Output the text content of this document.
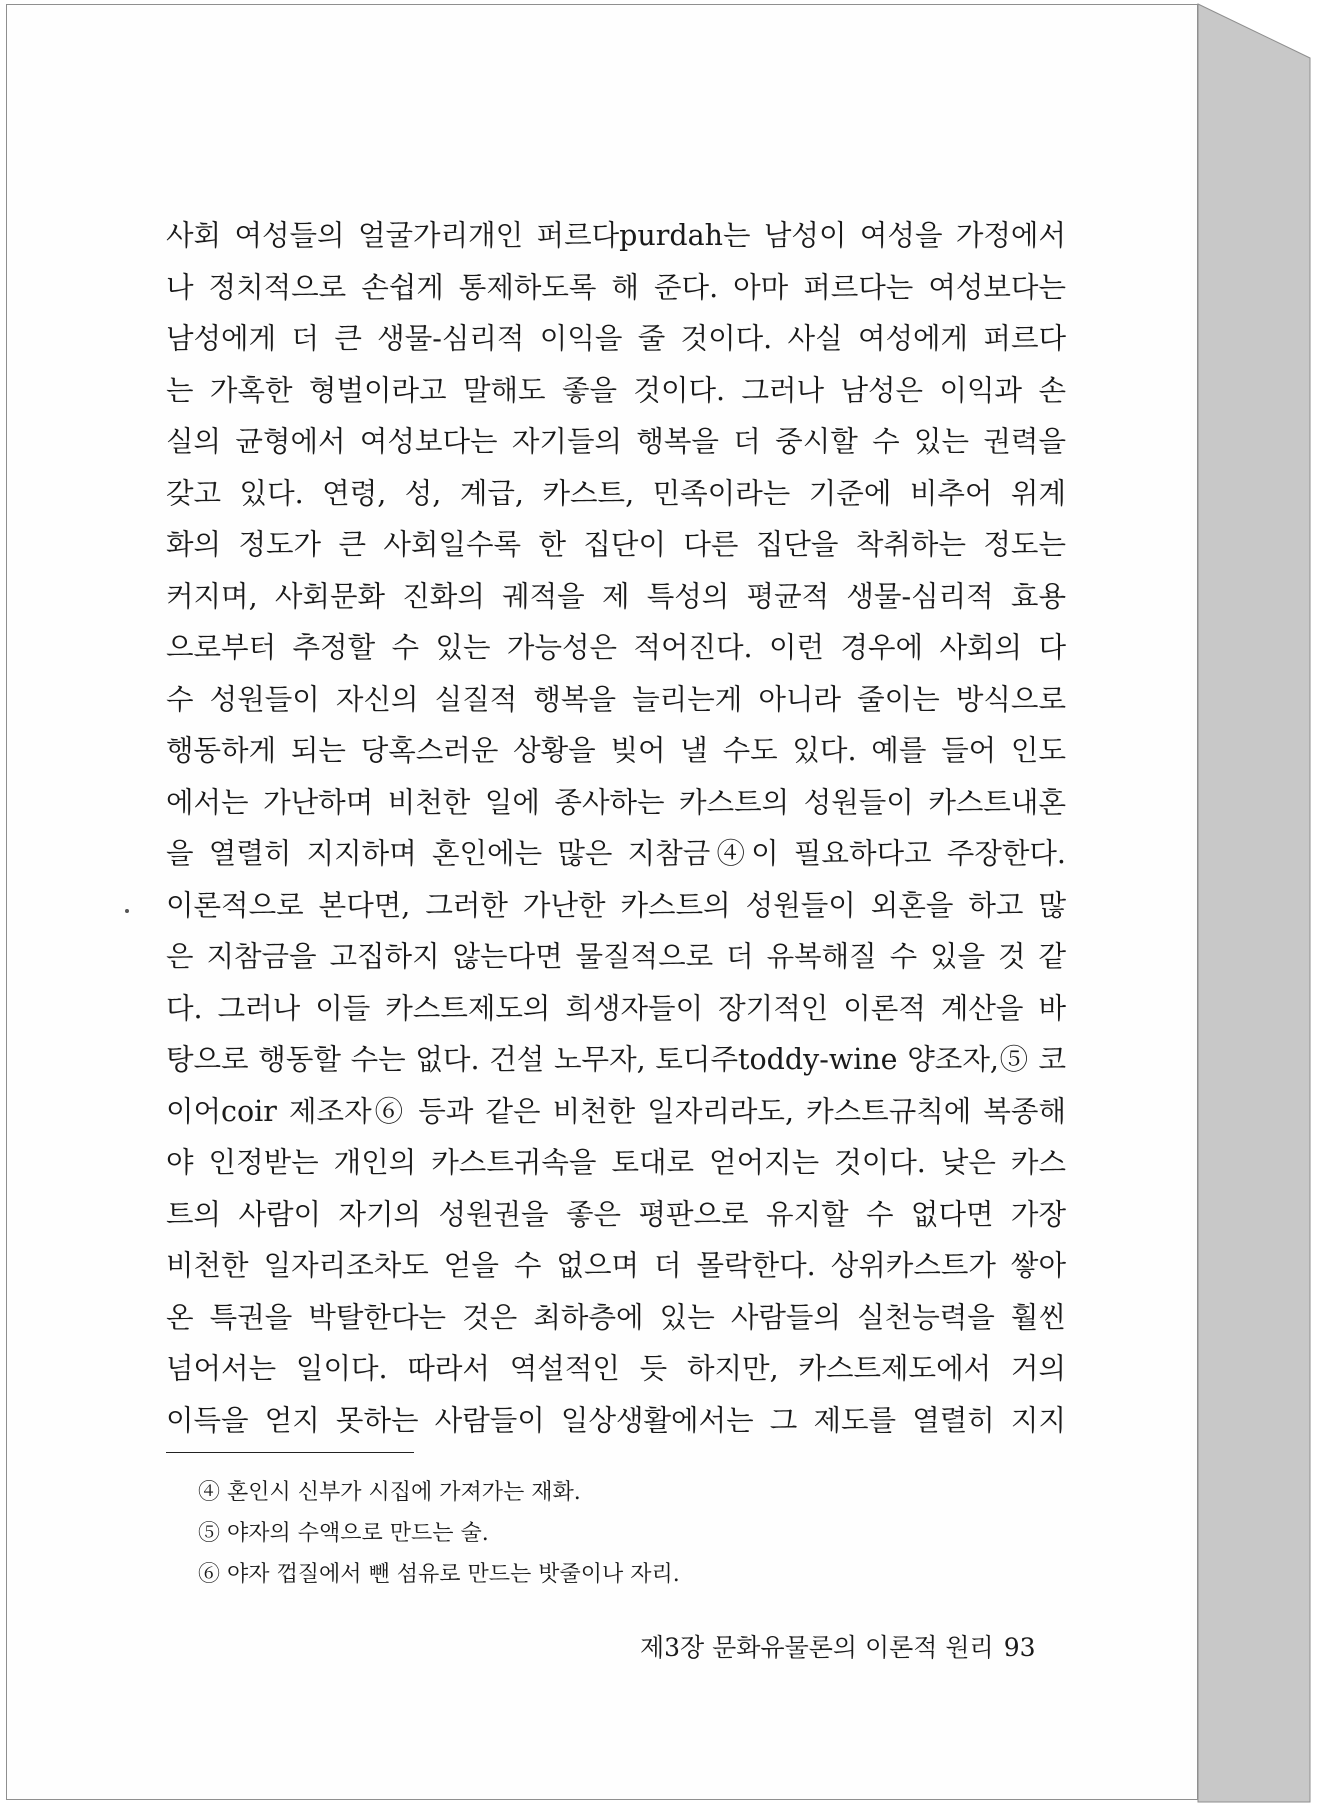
사회 여성들의 얼굴가리개인 퍼르다purdah는 남성이 여성을 가정에서

나 정치적으로 손쉽게 통제하도록 해 준다. 아마 퍼르다는 여성보다는

남성에게 더 큰 생물-심리적 이익을 줄 것이다. 사실 여성에게 퍼르다

는 가혹한 형벌이라고 말해도 좋을 것이다. 그러나 남성은 이익과 손

실의 균형에서 여성보다는 자기들의 행복을 더 중시할 수 있는 권력을

갖고 있다. 연령, 성, 계급, 카스트, 민족이라는 기준에 비추어 위계

화의 정도가 큰 사회일수록 한 집단이 다른 집단을 착취하는 정도는

커지며, 사회문화 진화의 궤적을 제 특성의 평균적 생물-심리적 효용

으로부터 추정할 수 있는 가능성은 적어진다. 이런 경우에 사회의 다

수 성원들이 자신의 실질적 행복을 늘리는게 아니라 줄이는 방식으로

행동하게 되는 당혹스러운 상황을 빚어 낼 수도 있다. 예를 들어 인도

에서는 가난하며 비천한 일에 종사하는 카스트의 성원들이 카스트내혼

을 열렬히 지지하며 혼인에는 많은 지참금④이 필요하다고 주장한다.

이론적으로 본다면, 그러한 가난한 카스트의 성원들이 외혼을 하고 많

은 지참금을 고집하지 않는다면 물질적으로 더 유복해질 수 있을 것 같

다. 그러나 이들 카스트제도의 희생자들이 장기적인 이론적 계산을 바

탕으로 행동할 수는 없다. 건설 노무자, 토디주toddy-wine 양조자,⑤ 코

이어coir 제조자⑥ 등과 같은 비천한 일자리라도, 카스트규칙에 복종해

야 인정받는 개인의 카스트귀속을 토대로 얻어지는 것이다. 낮은 카스

트의 사람이 자기의 성원권을 좋은 평판으로 유지할 수 없다면 가장

비천한 일자리조차도 얻을 수 없으며 더 몰락한다. 상위카스트가 쌓아

온 특권을 박탈한다는 것은 최하층에 있는 사람들의 실천능력을 훨씬

넘어서는 일이다. 따라서 역설적인 듯 하지만, 카스트제도에서 거의

이득을 얻지 못하는 사람들이 일상생활에서는 그 제도를 열렬히 지지

④ 혼인시 신부가 시집에 가져가는 재화.

⑤ 야자의 수액으로 만드는 술.

⑥ 야자 껍질에서 뺀 섬유로 만드는 밧줄이나 자리.

제3장 문화유물론의 이론적 원리 93
